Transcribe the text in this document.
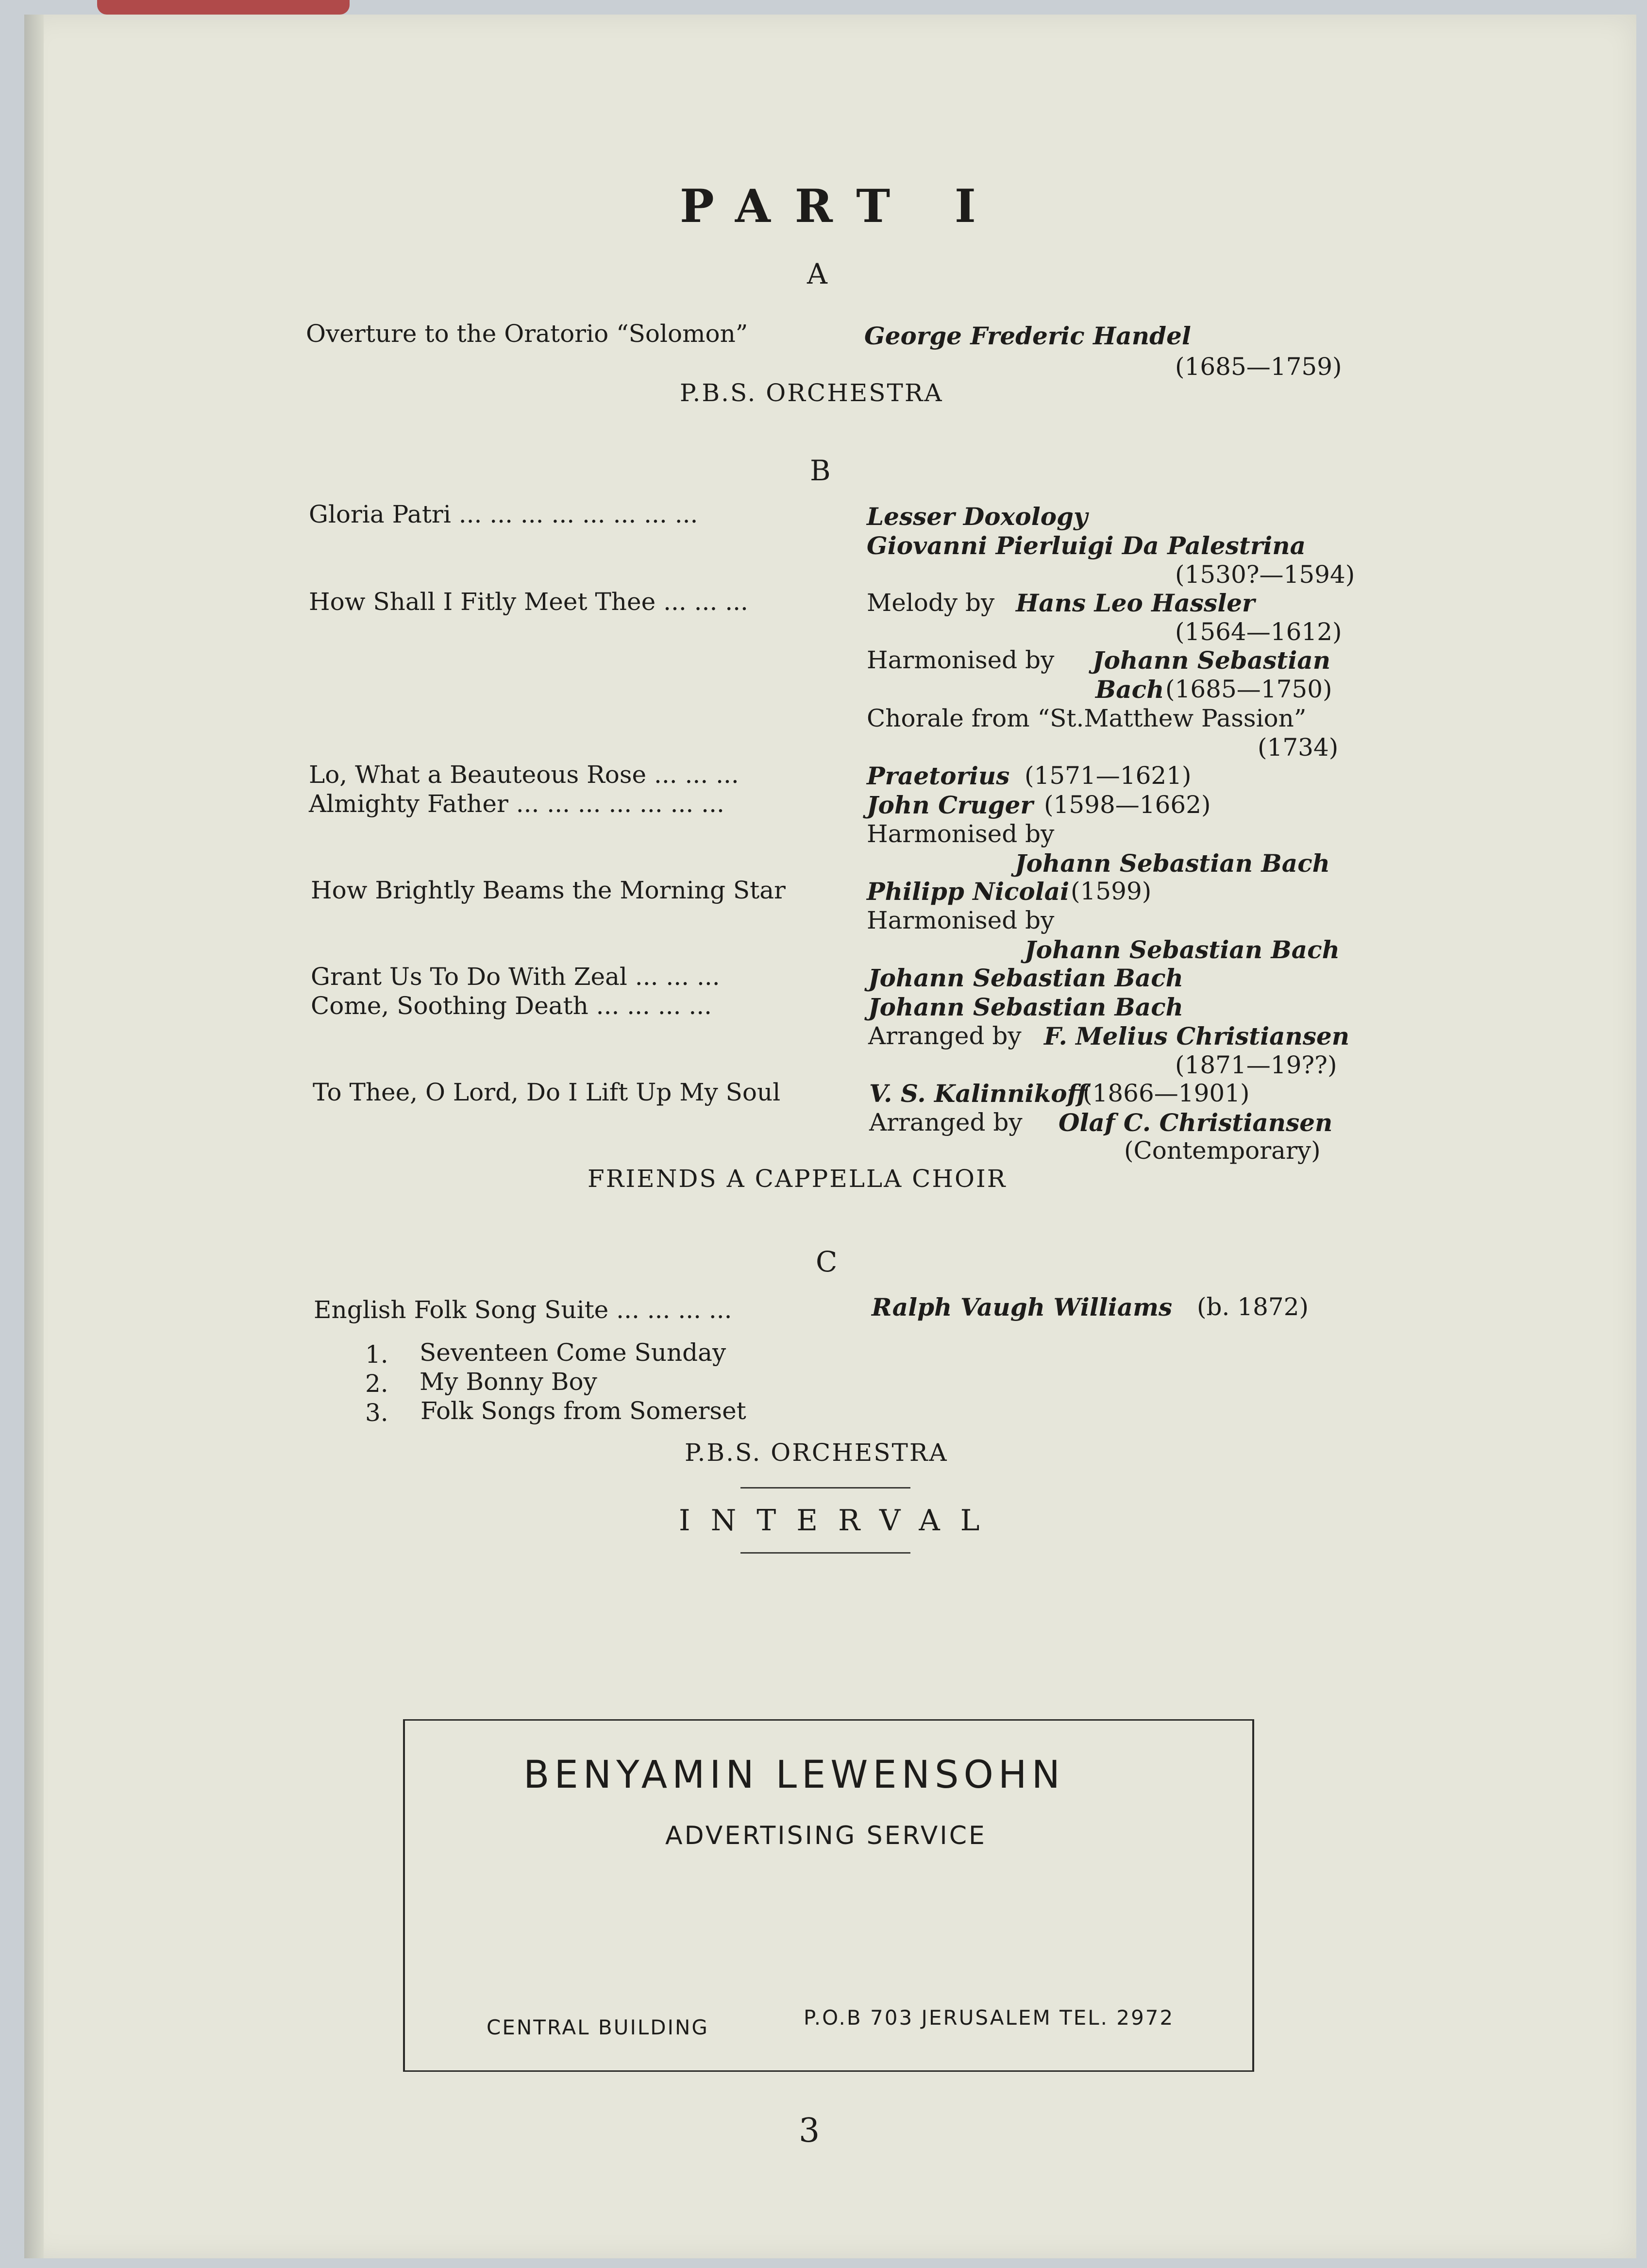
PART I
A
Overture to the Oratorio “Solomon”	George Frederic Handel
(1685—1759)
P.B.S. ORCHESTRA
B
Gloria Patri ... ... ... ... ... ... ... ...	Lesser Doxology
Giovanni Pierluigi Da Palestrina
(1530?—1594)
How Shall I Fitly Meet Thee ... ... ...	Melody by Hans Leo Hassler
(1564—1612)
Harmonised by Johann Sebastian
Bach (1685—1750)
Chorale from “St.Matthew Passion”
(1734)
Lo, What a Beauteous Rose ... ... ...	Praetorius (1571—1621)
Almighty Father ... ... ... ... ... ... ...	John Cruger (1598—1662)
Harmonised by
Johann Sebastian Bach
How Brightly Beams the Morning Star	Philipp Nicolai (1599)
Harmonised by
Johann Sebastian Bach
Grant Us To Do With Zeal ... ... ...	Johann Sebastian Bach
Come, Soothing Death ... ... ... ...	Johann Sebastian Bach
Arranged by F. Melius Christiansen
(1871—19??)
To Thee, O Lord, Do I Lift Up My Soul	V. S. Kalinnikoff
(1866—1901)
Arranged by Olaf C. Christiansen
(Contemporary)
FRIENDS A CAPPELLA CHOIR
C
English Folk Song Suite ... ... ... ...	Ralph Vaugh Williams (b. 1872)
1. Seventeen Come Sunday
2. My Bonny Boy
3. Folk Songs from Somerset
P.B.S. ORCHESTRA
INTERVAL
BENYAMIN LEWENSOHN
ADVERTISING SERVICE
CENTRAL BUILDING	P.O.B 703 JERUSALEM TEL. 2972
3
